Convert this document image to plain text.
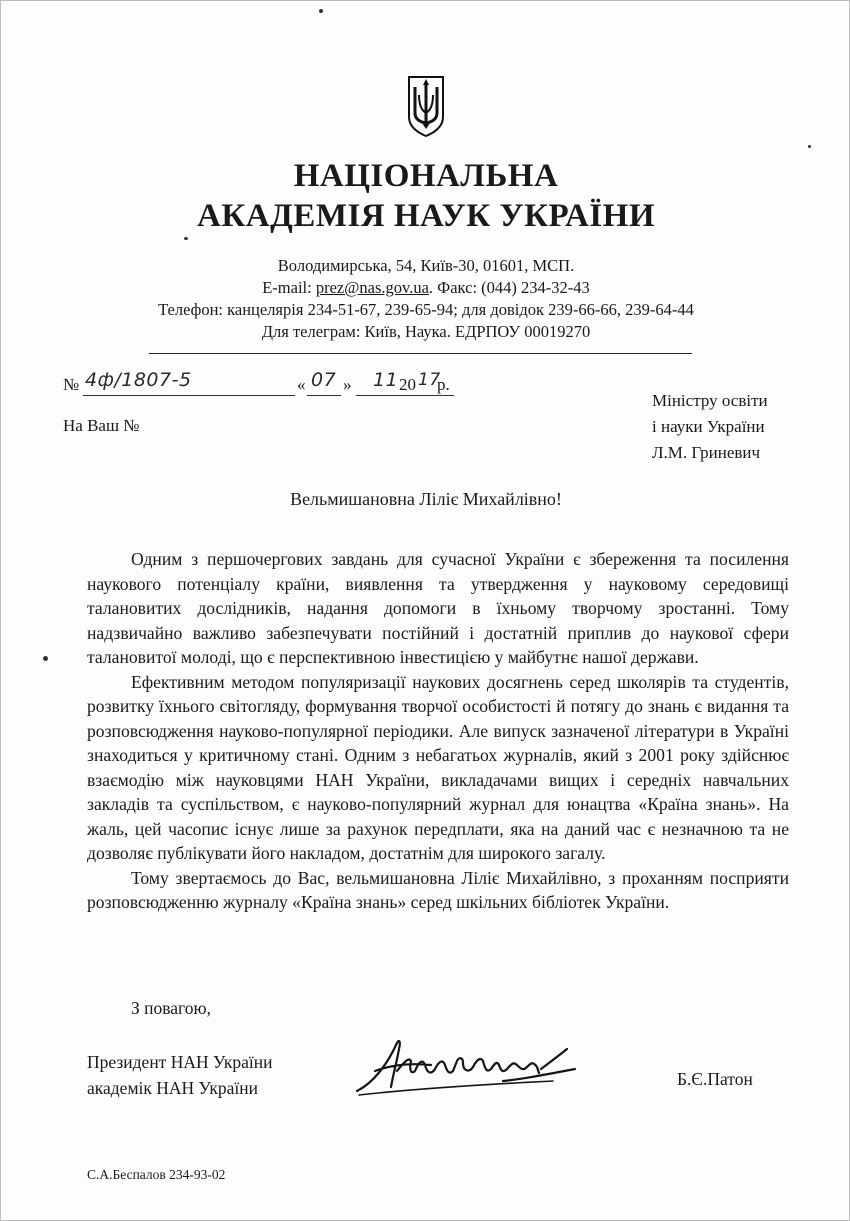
НАЦІОНАЛЬНА
АКАДЕМІЯ НАУК УКРАЇНИ
Володимирська, 54, Київ-30, 01601, МСП.
E-mail: prez@nas.gov.ua. Факс: (044) 234-32-43
Телефон: канцелярія 234-51-67, 239-65-94; для довідок 239-66-66, 239-64-44
Для телеграм: Київ, Наука. ЕДРПОУ 00019270
№ 4ф/1807-5	« 07 » 11 20 17
р.
На Ваш №
Міністру освіти
і науки України
Л.М. Гриневич
Вельмишановна Ліліє Михайлівно!

Одним з першочергових завдань для сучасної України є збереження та посилення наукового потенціалу країни, виявлення та утвердження у науковому середовищі талановитих дослідників, надання допомоги в їхньому творчому зростанні. Тому надзвичайно важливо забезпечувати постійний і достатній приплив до наукової сфери талановитої молоді, що є перспективною інвестицією у майбутнє нашої держави.

Ефективним методом популяризації наукових досягнень серед школярів та студентів, розвитку їхнього світогляду, формування творчої особистості й потягу до знань є видання та розповсюдження науково-популярної періодики. Але випуск зазначеної літератури в Україні знаходиться у критичному стані. Одним з небагатьох журналів, який з 2001 року здійснює взаємодію між науковцями НАН України, викладачами вищих і середніх навчальних закладів та суспільством, є науково-популярний журнал для юнацтва «Країна знань». На жаль, цей часопис існує лише за рахунок передплати, яка на даний час є незначною та не дозволяє публікувати його накладом, достатнім для широкого загалу.

Тому звертаємось до Вас, вельмишановна Ліліє Михайлівно, з проханням посприяти розповсюдженню журналу «Країна знань» серед шкільних бібліотек України.

З повагою,
Президент НАН України
академік НАН України	Б.Є.Патон
С.А.Беспалов 234-93-02
